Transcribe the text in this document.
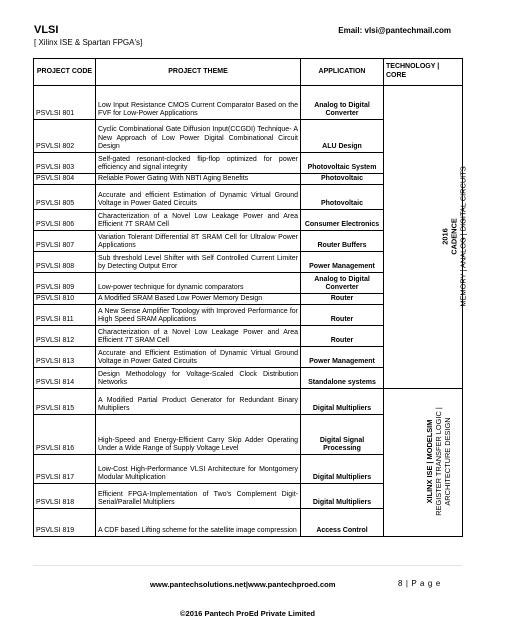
VLSI
[ Xilinx ISE & Spartan FPGA's]
Email: vlsi@pantechmail.com
PROJECT CODE	PROJECT THEME	APPLICATION	TECHNOLOGY | CORE
PSVLSI 801	Low Input Resistance CMOS Current Comparator Based on the FVF for Low-Power Applications	Analog to Digital Converter	2016 CADENCE MEMORY | ANALOG | DIGITAL CIRCUITS

PSVLSI 802	Cyclic Combinational Gate Diffusion Input(CCGDI) Technique- A New Approach of Low Power Digital Combinational Circuit Design	ALU Design	
PSVLSI 803	Self-gated resonant-clocked flip-flop optimized for power efficiency and signal integrity	Photovoltaic System	
PSVLSI 804	Reliable Power Gating With NBTI Aging Benefits	Photovoltaic	
PSVLSI 805	Accurate and efficient Estimation of Dynamic Virtual Ground Voltage in Power Gated Circuits	Photovoltaic	
PSVLSI 806	Characterization of a Novel Low Leakage Power and Area Efficient 7T SRAM Cell	Consumer Electronics	
PSVLSI 807	Variation Tolerant Differential 8T SRAM Cell for Ultralow Power Applications	Router Buffers	
PSVLSI 808	Sub threshold Level Shifter with Self Controlled Current Limiter by Detecting Output Error	Power Management	
PSVLSI 809	Low-power technique for dynamic comparators	Analog to Digital Converter	
PSVLSI 810	A Modified SRAM Based Low Power Memory Design	Router	
PSVLSI 811	A New Sense Amplifier Topology with Improved Performance for High Speed SRAM Applications	Router	
PSVLSI 812	Characterization of a Novel Low Leakage Power and Area Efficient 7T SRAM Cell	Router	
PSVLSI 813	Accurate and Efficient Estimation of Dynamic Virtual Ground Voltage in Power Gated Circuits	Power Management	
PSVLSI 814	Design Methodology for Voltage-Scaled Clock Distribution Networks	Standalone systems	
PSVLSI 815	A Modified Partial Product Generator for Redundant Binary Multipliers	Digital Multipliers	XILINX ISE | MODELSIM REGISTER TRANSFER LOGIC | ARCHITECTURE DESIGN

PSVLSI 816	High-Speed and Energy-Efficient Carry Skip Adder Operating Under a Wide Range of Supply Voltage Level	Digital Signal Processing	
PSVLSI 817	Low-Cost High-Performance VLSI Architecture for Montgomery Modular Multiplication	Digital Multipliers	
PSVLSI 818	Efficient FPGA-Implementation of Two's Complement Digit-Serial/Parallel Multipliers	Digital Multipliers	
PSVLSI 819	A CDF based Lifting scheme for the satellite image compression	Access Control	
www.pantechsolutions.net|www.pantechproed.com	8 | P a g e
©2016 Pantech ProEd Private Limited
